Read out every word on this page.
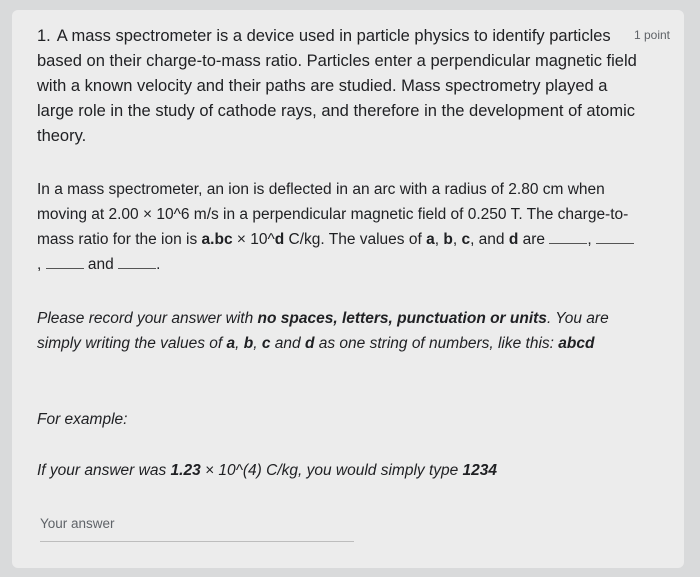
1 point
1. A mass spectrometer is a device used in particle physics to identify particles based on their charge-to-mass ratio. Particles enter a perpendicular magnetic field with a known velocity and their paths are studied. Mass spectrometry played a large role in the study of cathode rays, and therefore in the development of atomic theory.
In a mass spectrometer, an ion is deflected in an arc with a radius of 2.80 cm when moving at 2.00 × 10^6 m/s in a perpendicular magnetic field of 0.250 T. The charge-to-mass ratio for the ion is a.bc × 10^d C/kg. The values of a, b, c, and d are , ,  and .
Please record your answer with no spaces, letters, punctuation or units. You are simply writing the values of a, b, c and d as one string of numbers, like this: abcd
For example:
If your answer was 1.23 × 10^(4) C/kg, you would simply type 1234
Your answer
